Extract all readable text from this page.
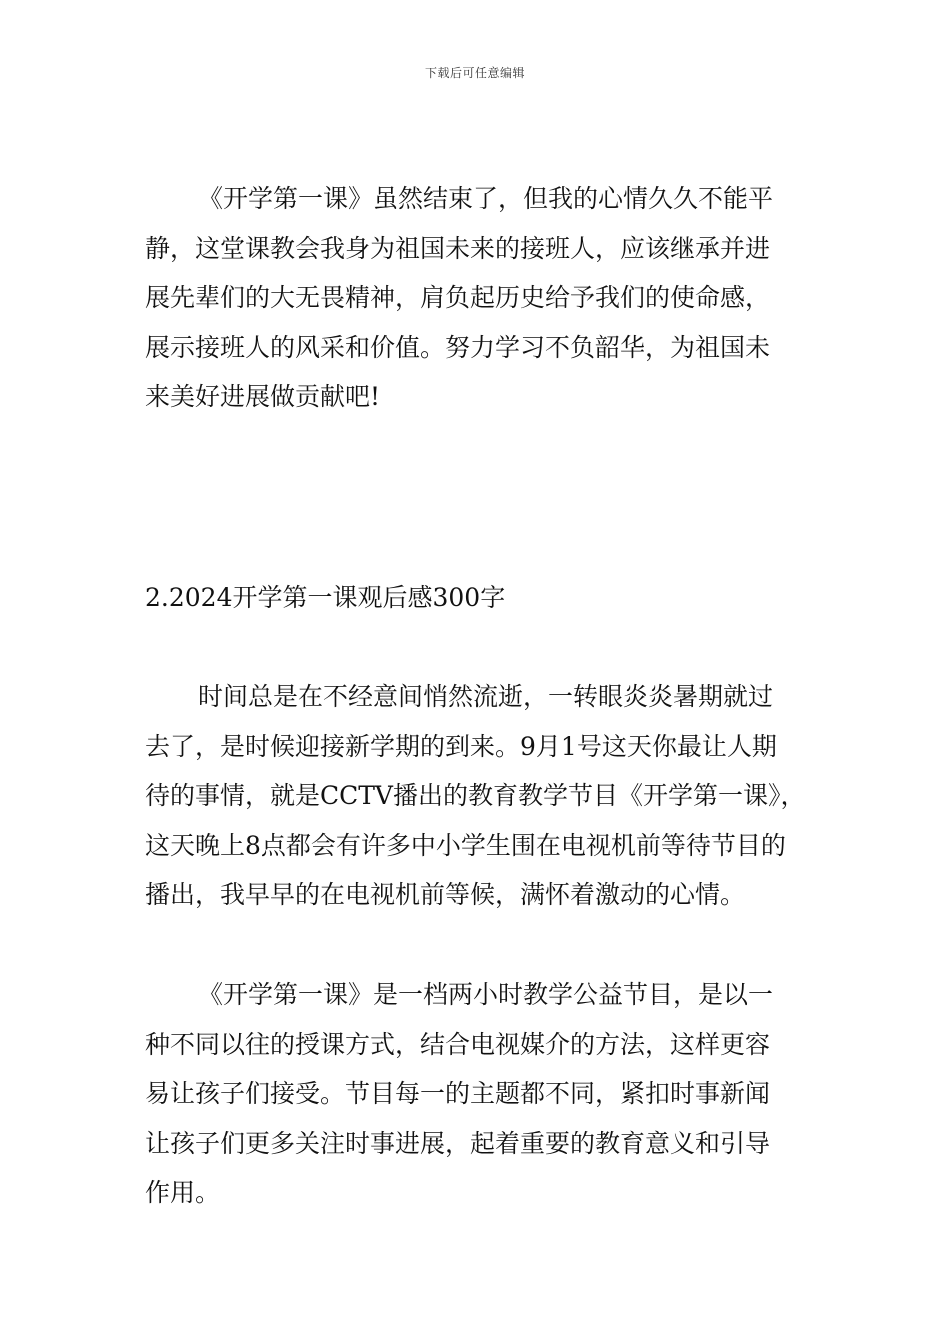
下载后可任意编辑
《开学第一课》虽然结束了，但我的心情久久不能平
静，这堂课教会我身为祖国未来的接班人，应该继承并进
展先辈们的大无畏精神，肩负起历史给予我们的使命感，
展示接班人的风采和价值。努力学习不负韶华，为祖国未
来美好进展做贡献吧!
2.2024开学第一课观后感300字
时间总是在不经意间悄然流逝，一转眼炎炎暑期就过
去了，是时候迎接新学期的到来。9月1号这天你最让人期
待的事情，就是CCTV播出的教育教学节目《开学第一课》，
这天晚上8点都会有许多中小学生围在电视机前等待节目的
播出，我早早的在电视机前等候，满怀着激动的心情。
《开学第一课》是一档两小时教学公益节目，是以一
种不同以往的授课方式，结合电视媒介的方法，这样更容
易让孩子们接受。节目每一的主题都不同，紧扣时事新闻
让孩子们更多关注时事进展，起着重要的教育意义和引导
作用。
